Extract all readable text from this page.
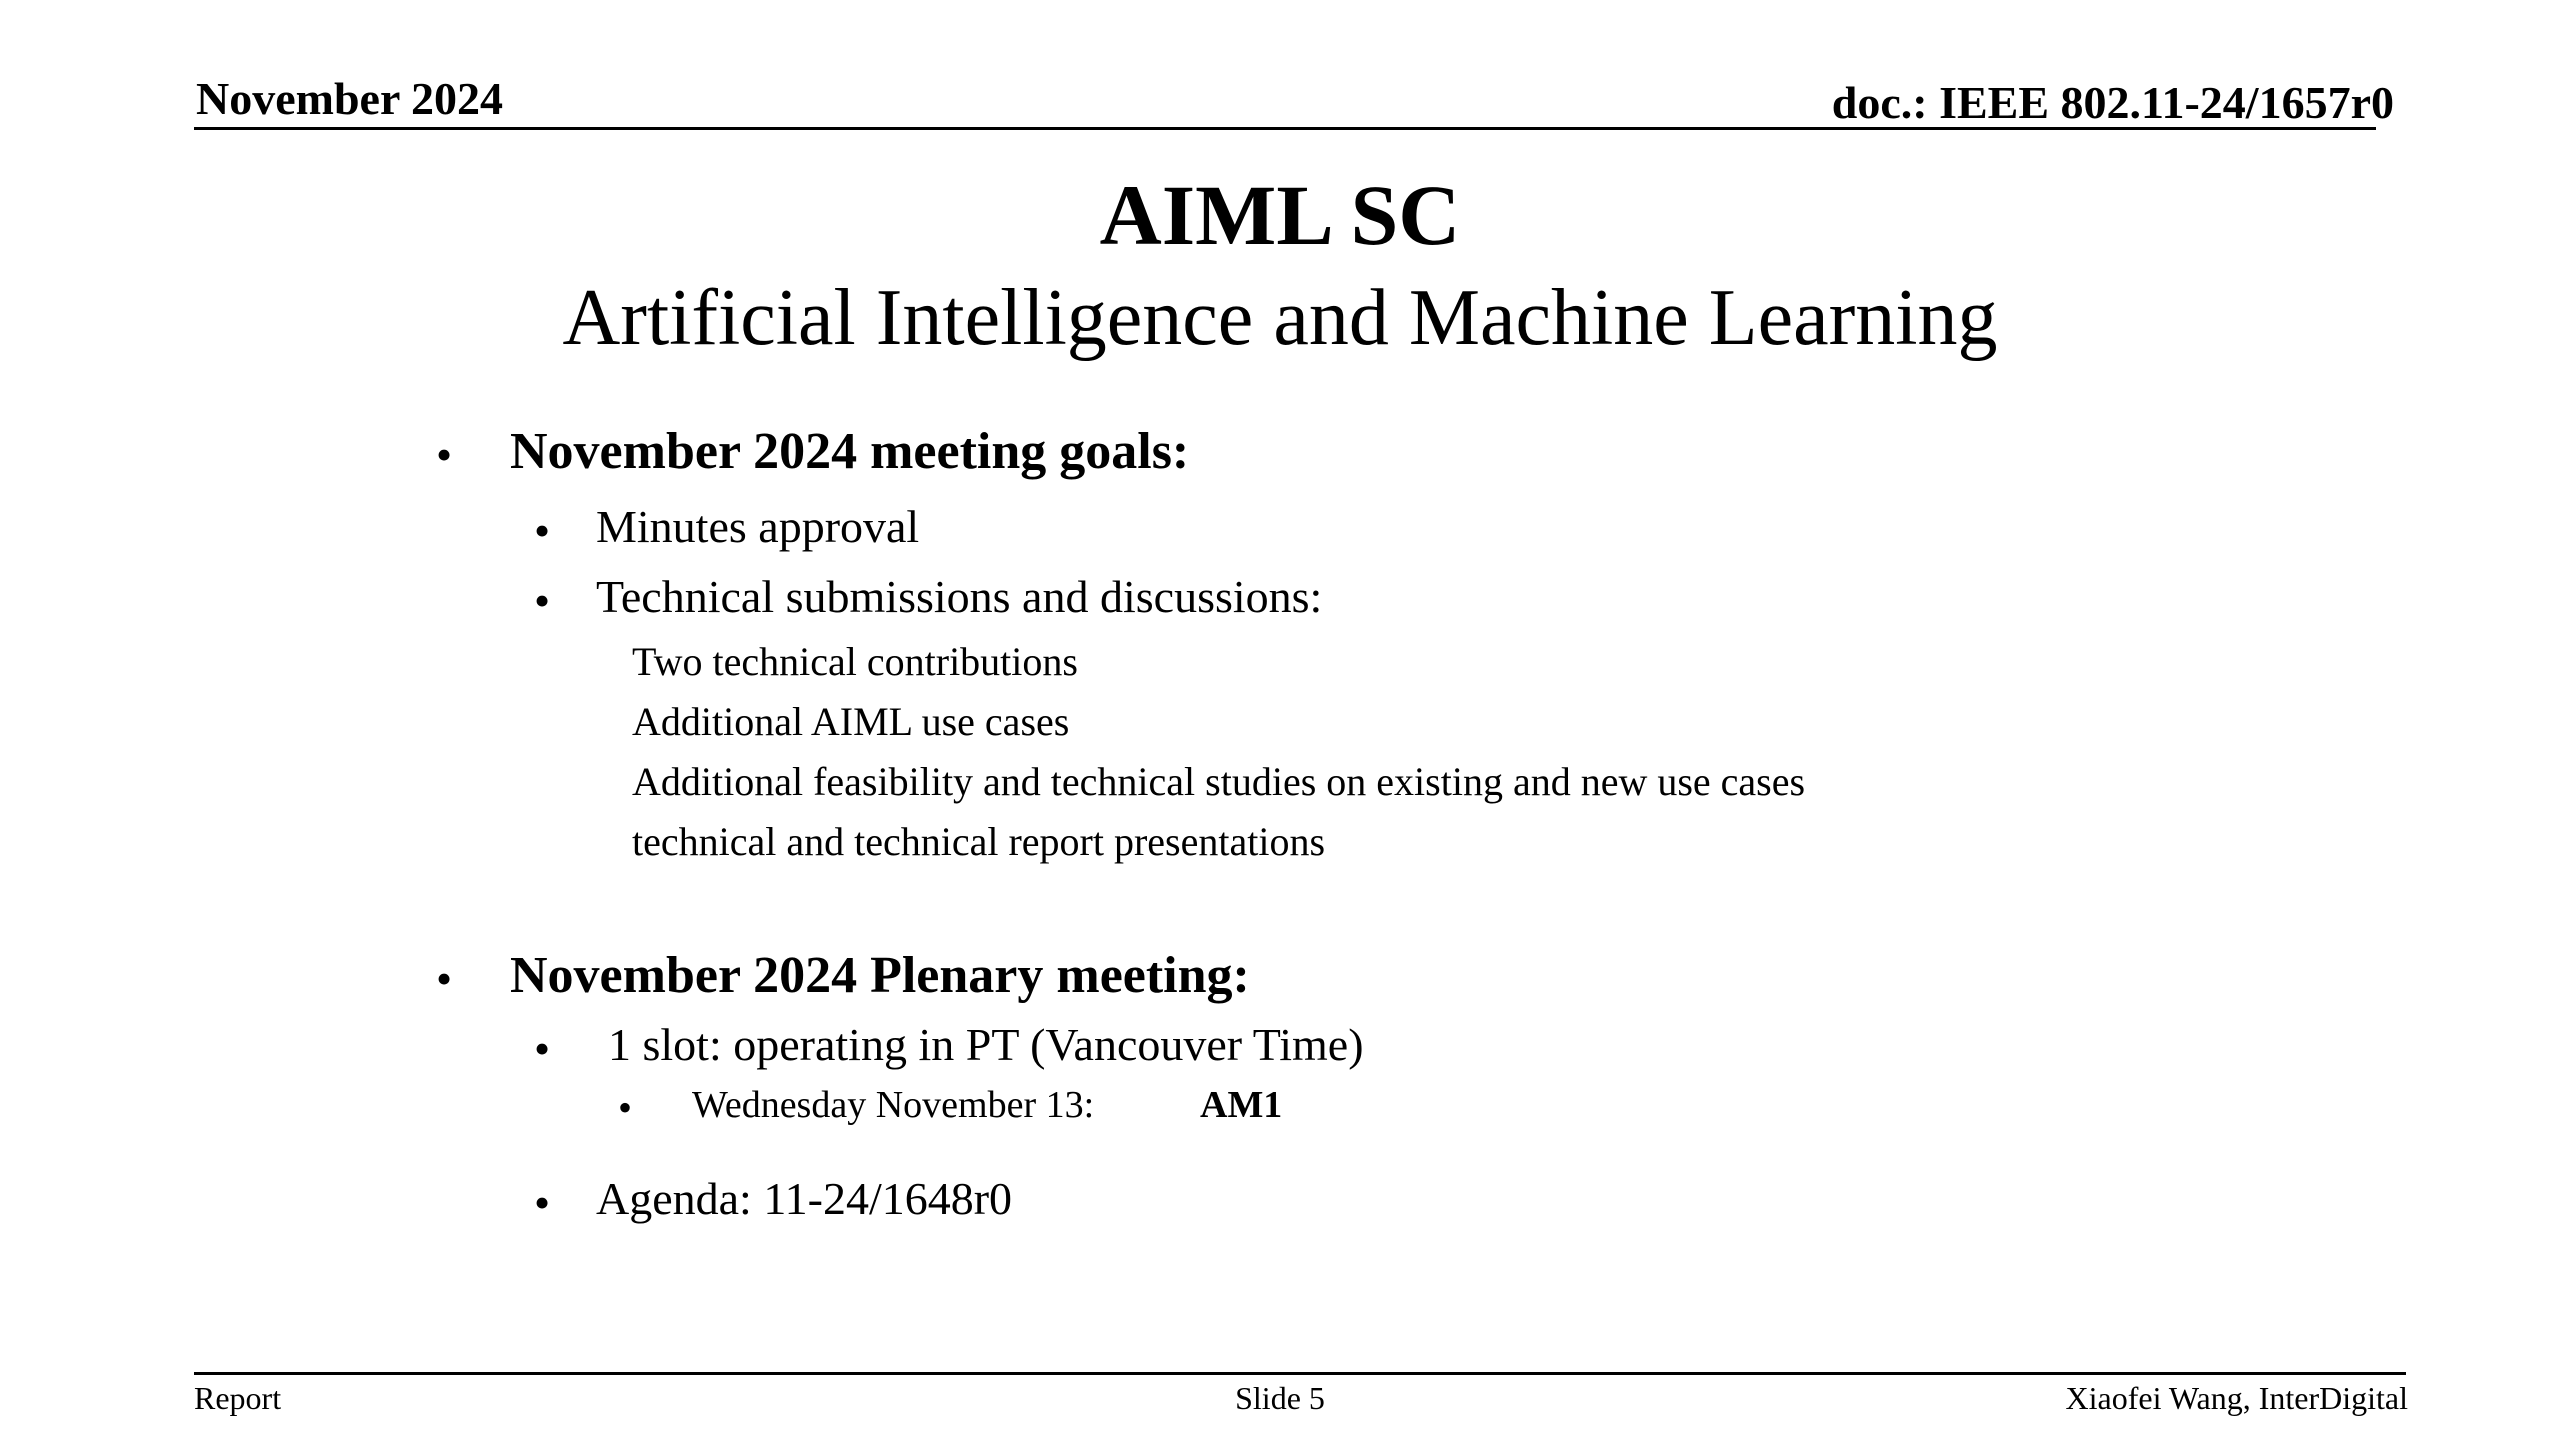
November 2024	doc.: IEEE 802.11-24/1657r0
AIML SC
Artificial Intelligence and Machine Learning
• November 2024 meeting goals:
• Minutes approval
• Technical submissions and discussions:
Two technical contributions
Additional AIML use cases
Additional feasibility and technical studies on existing and new use cases
technical and technical report presentations
• November 2024 Plenary meeting:
• 1 slot: operating in PT (Vancouver Time)
• Wednesday November 13:	AM1
• Agenda: 11-24/1648r0
Report	Slide 5	Xiaofei Wang, InterDigital
